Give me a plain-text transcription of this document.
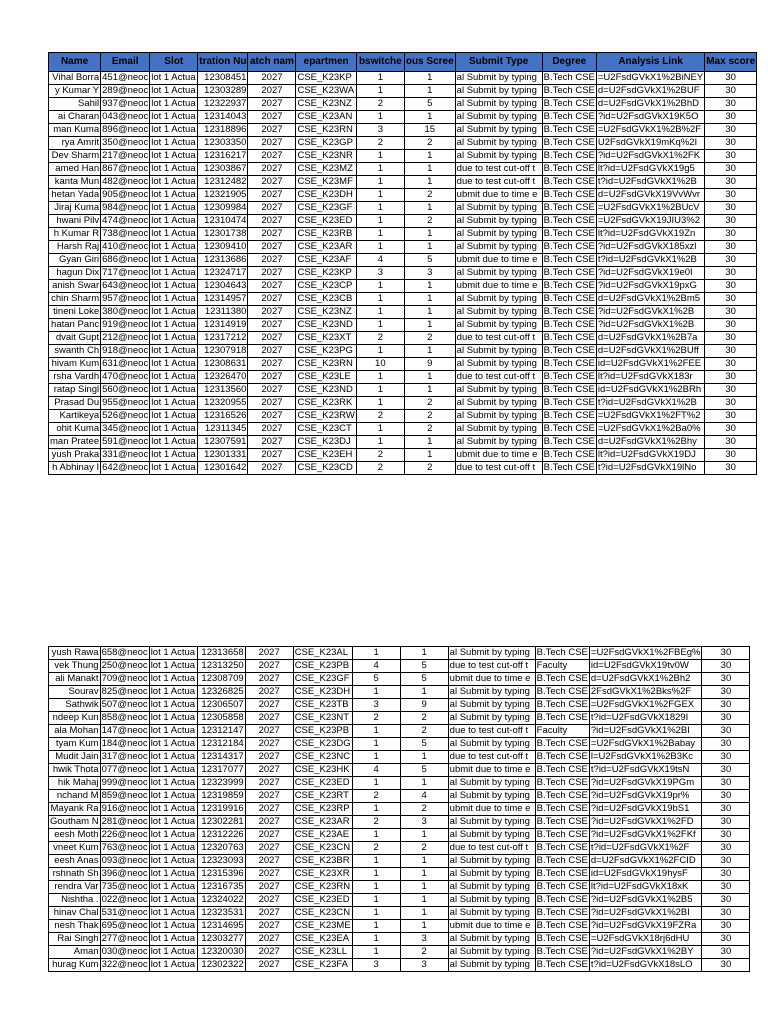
Name	Email	Slot	tration Nu	atch nam	epartmen	bswitche	ous Scree	Submit Type	Degree	Analysis Link	Max score
Vihal Borra	451@neoc	lot 1 Actua	12308451	2027	CSE_K23KP	1	1	al Submit by typing	B.Tech CSE	=U2FsdGVkX1%2BiNEY	30
y Kumar Y	289@neoc	lot 1 Actua	12303289	2027	CSE_K23WA	1	1	al Submit by typing	B.Tech CSE	d=U2FsdGVkX1%2BUF	30
Sahil	937@neoc	lot 1 Actua	12322937	2027	CSE_K23NZ	2	5	al Submit by typing	B.Tech CSE	d=U2FsdGVkX1%2BhD	30
ai Charan	043@neoc	lot 1 Actua	12314043	2027	CSE_K23AN	1	1	al Submit by typing	B.Tech CSE	?id=U2FsdGVkX19K5O	30
man Kuma	896@neoc	lot 1 Actua	12318896	2027	CSE_K23RN	3	15	al Submit by typing	B.Tech CSE	=U2FsdGVkX1%2B%2F	30
rya Amrit	350@neoc	lot 1 Actua	12303350	2027	CSE_K23GP	2	2	al Submit by typing	B.Tech CSE	U2FsdGVkX19mKq%2I	30
Dev Sharm	217@neoc	lot 1 Actua	12316217	2027	CSE_K23NR	1	1	al Submit by typing	B.Tech CSE	?id=U2FsdGVkX1%2FK	30
amed Han	867@neoc	lot 1 Actua	12303867	2027	CSE_K23MZ	1	1	due to test cut-off t	B.Tech CSE	lt?id=U2FsdGVkX19g5	30
kanta Mun	482@neoc	lot 1 Actua	12312482	2027	CSE_K23MF	1	1	due to test cut-off t	B.Tech CSE	t?id=U2FsdGVkX1%2B	30
hetan Yada	905@neoc	lot 1 Actua	12321905	2027	CSE_K23DH	1	2	ubmit due to time e	B.Tech CSE	d=U2FsdGVkX19VvWvr	30
Jiraj Kuma	984@neoc	lot 1 Actua	12309984	2027	CSE_K23GF	1	1	al Submit by typing	B.Tech CSE	=U2FsdGVkX1%2BUcV	30
hwani Pilv	474@neoc	lot 1 Actua	12310474	2027	CSE_K23ED	1	2	al Submit by typing	B.Tech CSE	=U2FsdGVkX19JIU3%2	30
h Kumar R	738@neoc	lot 1 Actua	12301738	2027	CSE_K23RB	1	1	al Submit by typing	B.Tech CSE	lt?id=U2FsdGVkX19Zn	30
Harsh Raj	410@neoc	lot 1 Actua	12309410	2027	CSE_K23AR	1	1	al Submit by typing	B.Tech CSE	?id=U2FsdGVkX185xzl	30
Gyan Giri	686@neoc	lot 1 Actua	12313686	2027	CSE_K23AF	4	5	ubmit due to time e	B.Tech CSE	t?id=U2FsdGVkX1%2B	30
hagun Dix	717@neoc	lot 1 Actua	12324717	2027	CSE_K23KP	3	3	al Submit by typing	B.Tech CSE	?id=U2FsdGVkX19e0I	30
anish Swar	643@neoc	lot 1 Actua	12304643	2027	CSE_K23CP	1	1	ubmit due to time e	B.Tech CSE	?id=U2FsdGVkX19pxG	30
chin Sharm	957@neoc	lot 1 Actua	12314957	2027	CSE_K23CB	1	1	al Submit by typing	B.Tech CSE	d=U2FsdGVkX1%2Bm5	30
tineni Loke	380@neoc	lot 1 Actua	12311380	2027	CSE_K23NZ	1	1	al Submit by typing	B.Tech CSE	?id=U2FsdGVkX1%2B	30
hatan Panc	919@neoc	lot 1 Actua	12314919	2027	CSE_K23ND	1	1	al Submit by typing	B.Tech CSE	?id=U2FsdGVkX1%2B	30
dvait Gupt	212@neoc	lot 1 Actua	12317212	2027	CSE_K23XT	2	2	due to test cut-off t	B.Tech CSE	d=U2FsdGVkX1%2B7a	30
swanth Ch	918@neoc	lot 1 Actua	12307918	2027	CSE_K23PG	1	1	al Submit by typing	B.Tech CSE	d=U2FsdGVkX1%2BUff	30
hivam Kum	631@neoc	lot 1 Actua	12308631	2027	CSE_K23RN	10	9	al Submit by typing	B.Tech CSE	id=U2FsdGVkX1%2FEE	30
rsha Vardh	470@neoc	lot 1 Actua	12326470	2027	CSE_K23LE	1	1	due to test cut-off t	B.Tech CSE	lt?id=U2FsdGVkX183r	30
ratap Singl	560@neoc	lot 1 Actua	12313560	2027	CSE_K23ND	1	1	al Submit by typing	B.Tech CSE	id=U2FsdGVkX1%2BRh	30
Prasad Du	955@neoc	lot 1 Actua	12320955	2027	CSE_K23RK	1	2	al Submit by typing	B.Tech CSE	t?id=U2FsdGVkX1%2B	30
Kartikeya	526@neoc	lot 1 Actua	12316526	2027	CSE_K23RW	2	2	al Submit by typing	B.Tech CSE	=U2FsdGVkX1%2FT%2	30
ohit Kuma	345@neoc	lot 1 Actua	12311345	2027	CSE_K23CT	1	2	al Submit by typing	B.Tech CSE	=U2FsdGVkX1%2Ba0%	30
man Pratee	591@neoc	lot 1 Actua	12307591	2027	CSE_K23DJ	1	1	al Submit by typing	B.Tech CSE	d=U2FsdGVkX1%2Bhy	30
yush Praka	331@neoc	lot 1 Actua	12301331	2027	CSE_K23EH	2	1	ubmit due to time e	B.Tech CSE	lt?id=U2FsdGVkX19DJ	30
h Abhinay I	642@neoc	lot 1 Actua	12301642	2027	CSE_K23CD	2	2	due to test cut-off t	B.Tech CSE	t?id=U2FsdGVkX19lNo	30
yush Rawa	658@neoc	lot 1 Actua	12313658	2027	CSE_K23AL	1	1	al Submit by typing	B.Tech CSE	=U2FsdGVkX1%2FBEg%	30
vek Thung	250@neoc	lot 1 Actua	12313250	2027	CSE_K23PB	4	5	due to test cut-off t	Faculty	id=U2FsdGVkX19tv0W	30
ali Manakt	709@neoc	lot 1 Actua	12308709	2027	CSE_K23GF	5	5	ubmit due to time e	B.Tech CSE	d=U2FsdGVkX1%2Bh2	30
Sourav	825@neoc	lot 1 Actua	12326825	2027	CSE_K23DH	1	1	al Submit by typing	B.Tech CSE	2FsdGVkX1%2Bks%2F	30
Sathwik	507@neoc	lot 1 Actua	12306507	2027	CSE_K23TB	3	9	al Submit by typing	B.Tech CSE	=U2FsdGVkX1%2FGEX	30
ndeep Kun	858@neoc	lot 1 Actua	12305858	2027	CSE_K23NT	2	2	al Submit by typing	B.Tech CSE	t?id=U2FsdGVkX1829I	30
ala Mohan	147@neoc	lot 1 Actua	12312147	2027	CSE_K23PB	1	2	due to test cut-off t	Faculty	?id=U2FsdGVkX1%2BI	30
tyam Kum	184@neoc	lot 1 Actua	12312184	2027	CSE_K23DG	1	5	al Submit by typing	B.Tech CSE	=U2FsdGVkX1%2Babay	30
Mudit Jain	317@neoc	lot 1 Actua	12314317	2027	CSE_K23NC	1	1	due to test cut-off t	B.Tech CSE	l=U2FsdGVkX1%2B3Kc	30
hwik Thota	077@neoc	lot 1 Actua	12317077	2027	CSE_K23HK	4	5	ubmit due to time e	B.Tech CSE	t?id=U2FsdGVkX19tsN	30
hik Mahaj	999@neoc	lot 1 Actua	12323999	2027	CSE_K23ED	1	1	al Submit by typing	B.Tech CSE	?id=U2FsdGVkX19PGm	30
nchand M	859@neoc	lot 1 Actua	12319859	2027	CSE_K23RT	2	4	al Submit by typing	B.Tech CSE	?id=U2FsdGVkX19pr%	30
Mayank Ra	916@neoc	lot 1 Actua	12319916	2027	CSE_K23RP	1	2	ubmit due to time e	B.Tech CSE	?id=U2FsdGVkX19bS1	30
Goutham N	281@neoc	lot 1 Actua	12302281	2027	CSE_K23AR	2	3	al Submit by typing	B.Tech CSE	?id=U2FsdGVkX1%2FD	30
eesh Moth	226@neoc	lot 1 Actua	12312226	2027	CSE_K23AE	1	1	al Submit by typing	B.Tech CSE	?id=U2FsdGVkX1%2FKf	30
vneet Kum	763@neoc	lot 1 Actua	12320763	2027	CSE_K23CN	2	2	due to test cut-off t	B.Tech CSE	t?id=U2FsdGVkX1%2F	30
eesh Anas	093@neoc	lot 1 Actua	12323093	2027	CSE_K23BR	1	1	al Submit by typing	B.Tech CSE	d=U2FsdGVkX1%2FCID	30
rshnath Sh	396@neoc	lot 1 Actua	12315396	2027	CSE_K23XR	1	1	al Submit by typing	B.Tech CSE	id=U2FsdGVkX19hysF	30
rendra Var	735@neoc	lot 1 Actua	12316735	2027	CSE_K23RN	1	1	al Submit by typing	B.Tech CSE	lt?id=U2FsdGVkX18xK	30
Nishtha .	022@neoc	lot 1 Actua	12324022	2027	CSE_K23ED	1	1	al Submit by typing	B.Tech CSE	?id=U2FsdGVkX1%2B5	30
hinav Chal	531@neoc	lot 1 Actua	12323531	2027	CSE_K23CN	1	1	al Submit by typing	B.Tech CSE	?id=U2FsdGVkX1%2BI	30
nesh Thak	695@neoc	lot 1 Actua	12314695	2027	CSE_K23ME	1	1	ubmit due to time e	B.Tech CSE	?id=U2FsdGVkX19FZRa	30
Rai Singh	277@neoc	lot 1 Actua	12303277	2027	CSE_K23EA	1	3	al Submit by typing	B.Tech CSE	=U2FsdGVkX18rj6dHU	30
Aman	030@neoc	lot 1 Actua	12320030	2027	CSE_K23LL	1	2	al Submit by typing	B.Tech CSE	?id=U2FsdGVkX1%2BY	30
hurag Kum	322@neoc	lot 1 Actua	12302322	2027	CSE_K23FA	3	3	al Submit by typing	B.Tech CSE	t?id=U2FsdGVkX18sLO	30
